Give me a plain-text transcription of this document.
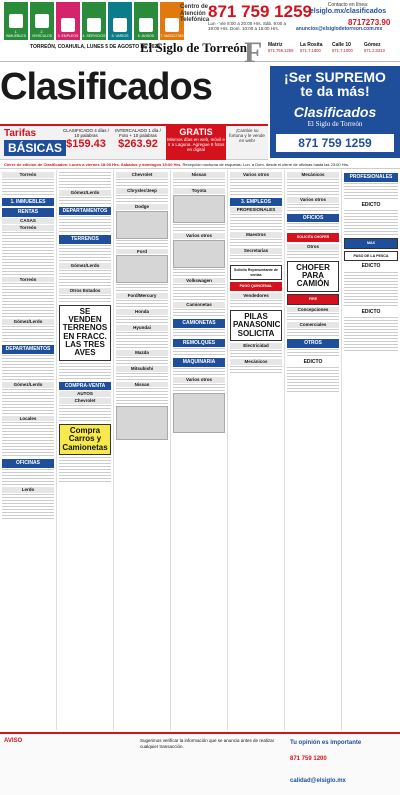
1. INMUEBLES
2. VEHÍCULOS	3. EMPLEOS 4. SERVICIOS 5. VARIOS	6. AVISOS 7. MASCOTAS
Centro de Atención Telefónica
871 759 1259
Lun - Vie 8:00 a 20:00 Hrs. Sáb. 9:00 a 19:00 Hrs. Dom. 10:00 a 15:00 Hrs.
Contacto en línea:
elsiglo.mx/clasificados
anuncios@elsiglodetorreon.com.mx
8717273.90
TORREÓN, COAHUILA, LUNES 5 DE AGOSTO DE 2024
El Siglo de Torreón
F Matriz
871.759.1259
La Rosita
871.7.1800
Calle 10
871.7.1000
Gómez
871.2.8313
Clasificados	¡Ser SUPREMO
te da más!
Clasificados
El Siglo de Torreón
871 759 1259
Tarifas
BÁSICAS
CLASIFICADO 4 días / 10 palabras
$159.43
INTERCALADO 1 día / Foto + 10 palabras
$263.92
GRATIS
Mismos días en web, móvil e Ir a Laguna. Agregue 8 fotos en digital
¡Cambie su fortuna y le vende en web!
Cierre de edición de Clasificados: Lunes a viernes 18:00 Hrs. Sábados y domingos 15:00 Hrs. Recepción nocturna de esquelas: Lun. a Dom. desde el cierre de oficinas hasta las 23:00 Hrs.
Torreón
1. INMUEBLES
RENTAS
CASAS
Torreón
Torreón
Gómez/Lerdo
DEPARTAMENTOS
Gómez/Lerdo
Locales
OFICINAS
Lerdo
Gómez/Lerdo
DEPARTAMENTOS
TERRENOS
Gómez/Lerdo
Otros Estados
SE VENDEN TERRENOS EN FRACC. LAS TRES AVES
COMPRA-VENTA
AUTOS
Chevrolet
Compra Carros y Camionetas
Chevrolet
Chrysler/Jeep
Dodge
Ford
Ford/Mercury
Honda
Hyundai
Mazda
Mitsubishi
Nissan
Nissan
Toyota
Varios otros
Volkswagen
Camionetas
CAMIONETAS
REMOLQUES
MAQUINARIA
Varios otros
Varios otros
3. EMPLEOS
PROFESIONALES
Maestros
Secretarias
Solicito Representante de ventas
PAGO QUINCENAL
Vendedores
PILAS PANASONIC SOLICITA
Electricidad
Mecánicos
Mecánicos
Varios otros
OFICIOS
SOLICITA CHOFER
Otros
CHOFER PARA CAMIÓN
FIRE
Concepciones
Comerciales
OTROS
EDICTO
PROFESIONALES
EDICTO
MAX
PASO DE LA PESCA
EDICTO
EDICTO
AVISO	Sugerimos verificar la información que se anuncia antes de realizar cualquier transacción.
Tu opinión es importante
871 759 1200
calidad@elsiglo.mx
